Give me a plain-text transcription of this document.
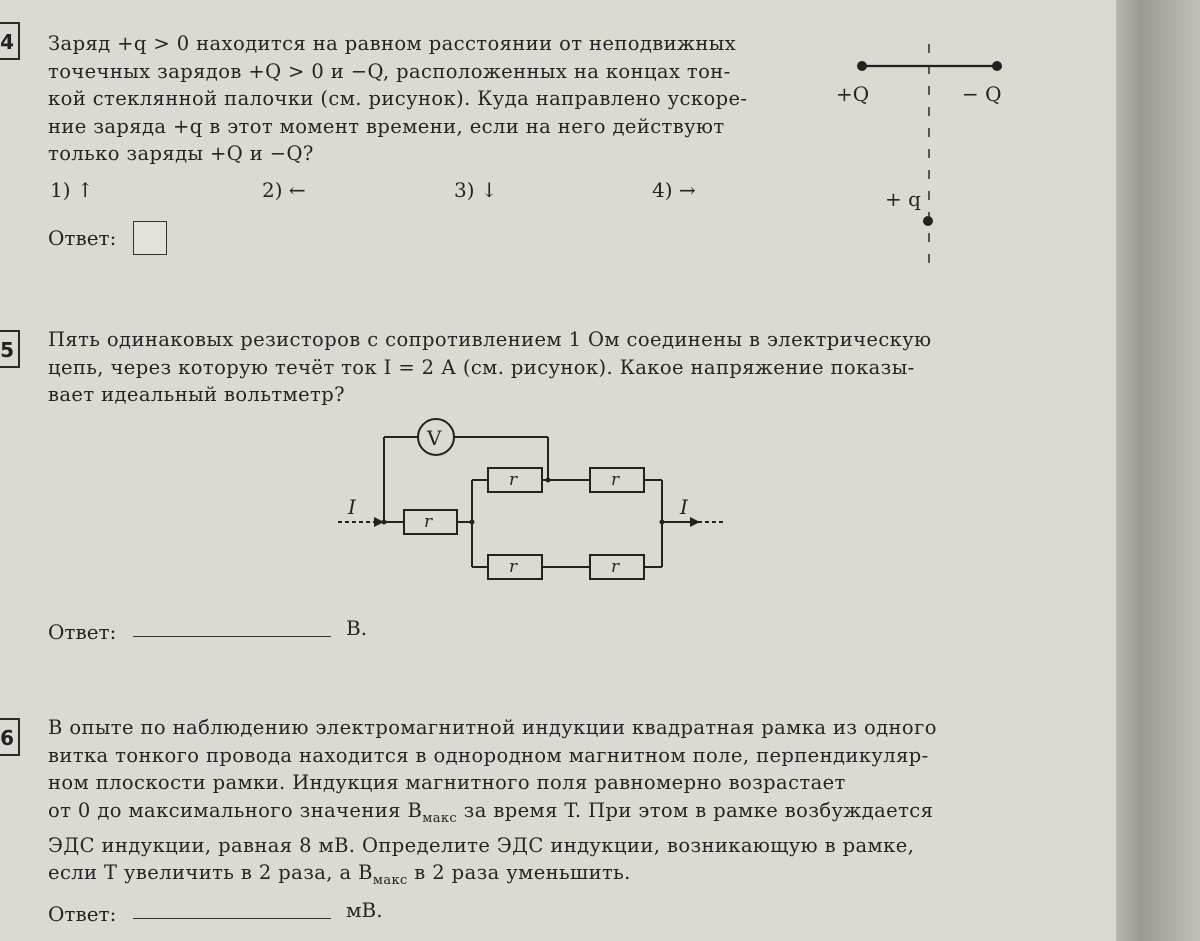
4	Заряд +q > 0 находится на равном расстоянии от неподвижных
точечных зарядов +Q > 0 и −Q, расположенных на концах тон-
кой стеклянной палочки (см. рисунок). Куда направлено ускоре-
ние заряда +q в этот момент времени, если на него действуют
только заряды +Q и −Q?
1) ↑	2) ←	3) ↓	4) →
Ответ:
5	Пять одинаковых резисторов с сопротивлением 1 Ом соединены в электрическую
цепь, через которую течёт ток I = 2 А (см. рисунок). Какое напряжение показы-
вает идеальный вольтметр?
Ответ:	В.
6	В опыте по наблюдению электромагнитной индукции квадратная рамка из одного
витка тонкого провода находится в однородном магнитном поле, перпендикуляр-
ном плоскости рамки. Индукция магнитного поля равномерно возрастает
от 0 до максимального значения $B_{макс}$ за время T. При этом в рамке возбуждается
ЭДС индукции, равная 8 мВ. Определите ЭДС индукции, возникающую в рамке,
если T увеличить в 2 раза, а $B_{макс}$ в 2 раза уменьшить.
Ответ:	мВ.
+Q	− Q
+ q
V
r
r	r
r	r
I	I
